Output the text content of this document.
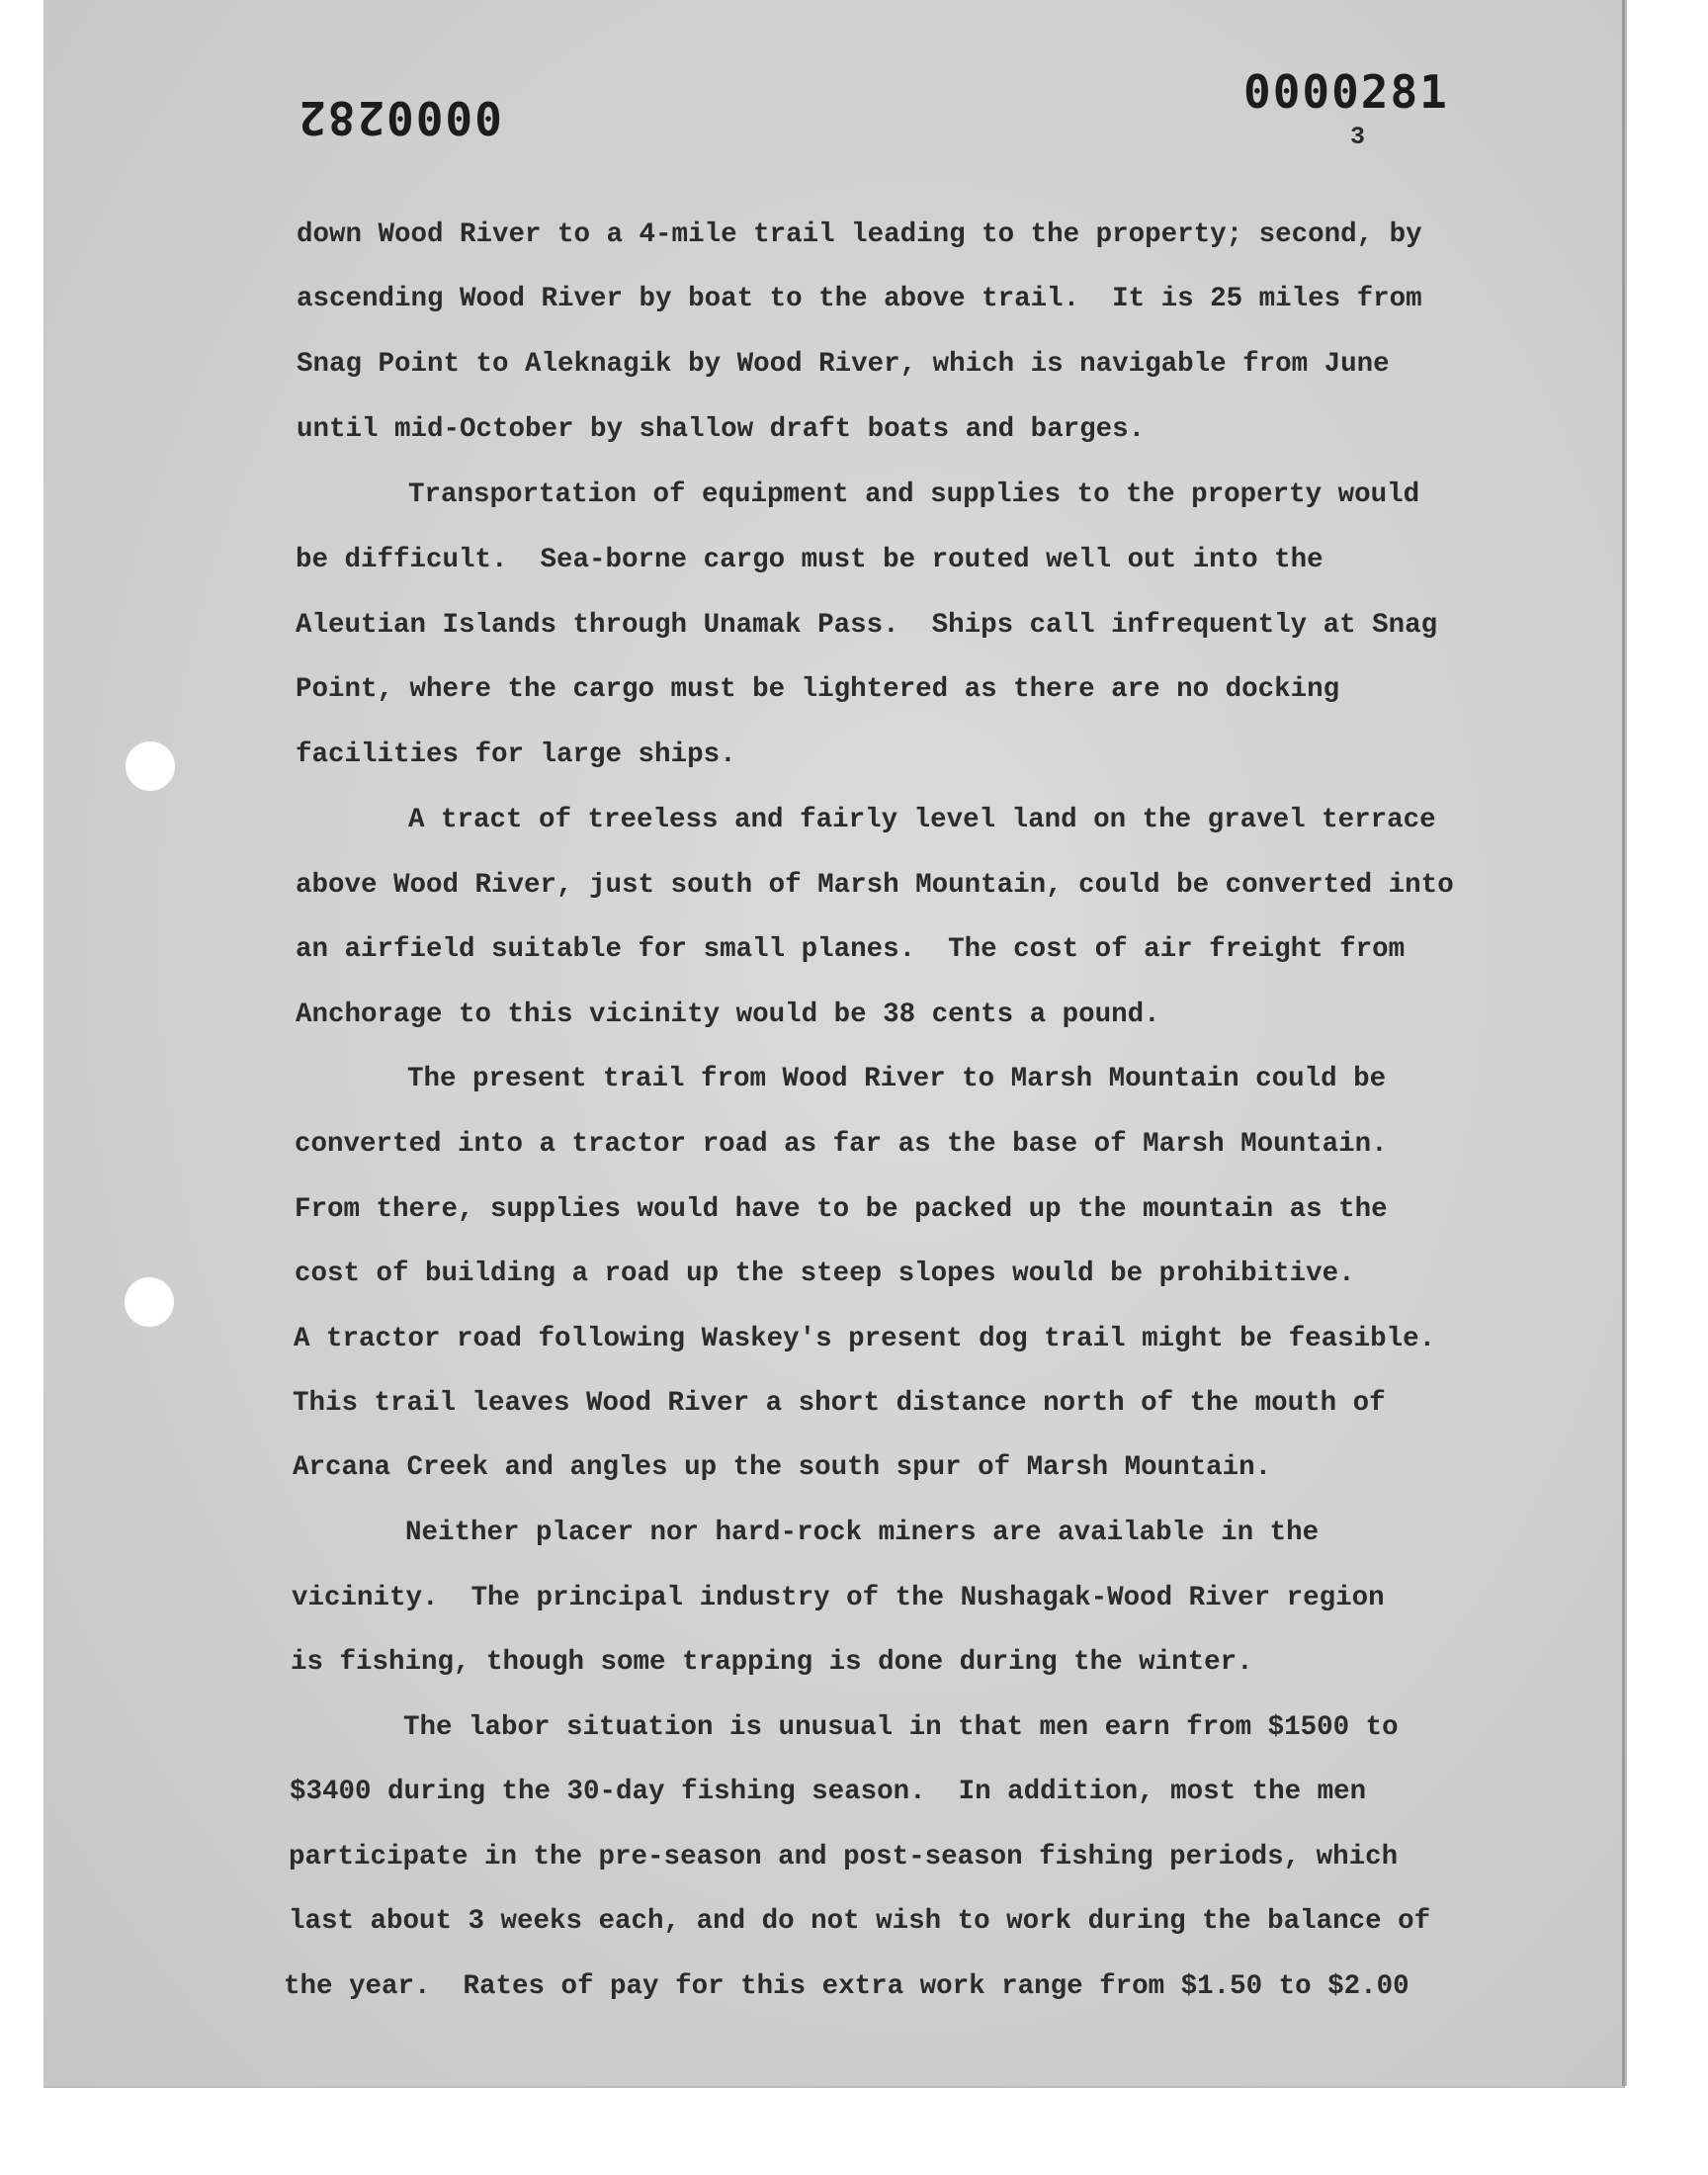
0000282	0000281
3

down Wood River to a 4-mile trail leading to the property; second, by

ascending Wood River by boat to the above trail.  It is 25 miles from

Snag Point to Aleknagik by Wood River, which is navigable from June

until mid-October by shallow draft boats and barges.

Transportation of equipment and supplies to the property would

be difficult.  Sea-borne cargo must be routed well out into the

Aleutian Islands through Unamak Pass.  Ships call infrequently at Snag

Point, where the cargo must be lightered as there are no docking

facilities for large ships.

A tract of treeless and fairly level land on the gravel terrace

above Wood River, just south of Marsh Mountain, could be converted into

an airfield suitable for small planes.  The cost of air freight from

Anchorage to this vicinity would be 38 cents a pound.

The present trail from Wood River to Marsh Mountain could be

converted into a tractor road as far as the base of Marsh Mountain.

From there, supplies would have to be packed up the mountain as the

cost of building a road up the steep slopes would be prohibitive.

A tractor road following Waskey's present dog trail might be feasible.

This trail leaves Wood River a short distance north of the mouth of

Arcana Creek and angles up the south spur of Marsh Mountain.

Neither placer nor hard-rock miners are available in the

vicinity.  The principal industry of the Nushagak-Wood River region

is fishing, though some trapping is done during the winter.

The labor situation is unusual in that men earn from $1500 to

$3400 during the 30-day fishing season.  In addition, most the men

participate in the pre-season and post-season fishing periods, which

last about 3 weeks each, and do not wish to work during the balance of

the year.  Rates of pay for this extra work range from $1.50 to $2.00
